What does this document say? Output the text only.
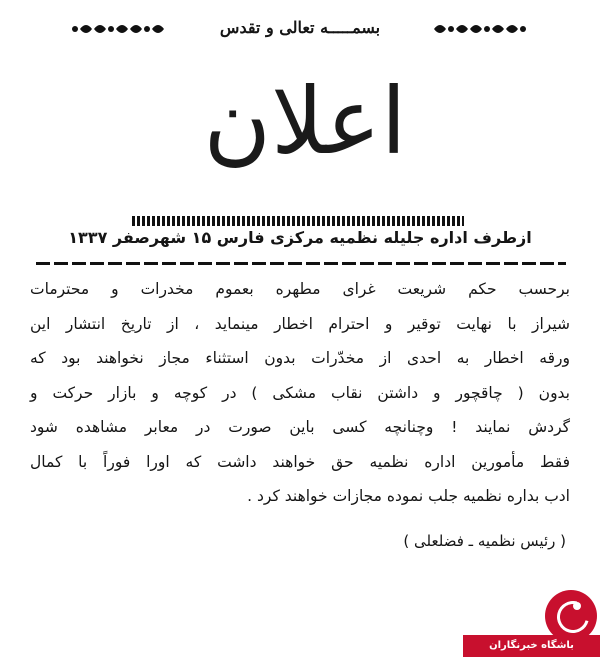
بسمـــــه تعالی و تقدس
اعلان
ازطرف اداره جلیله نظمیه مرکزی فارس ۱۵ شهرصفر ۱۳۳۷
برحسب حکم شریعت غرای مطهره بعموم مخدرات و محترمات
شیراز با نهایت توقیر و احترام اخطار مینماید ، از تاریخ انتشار این
ورقه اخطار به احدی از مخدّرات بدون استثناء مجاز نخواهند بود که
بدون ( چاقچور و داشتن نقاب مشکی ) در کوچه و بازار حرکت و
گردش نمایند ! وچنانچه کسی باین صورت در معابر مشاهده شود
فقط مأمورین اداره نظمیه حق خواهند داشت که اورا فوراً با کمال
ادب بداره نظمیه جلب نموده مجازات خواهند کرد .
( رئیس نظمیه ـ فضلعلی )
باشگاه خبرنگاران
